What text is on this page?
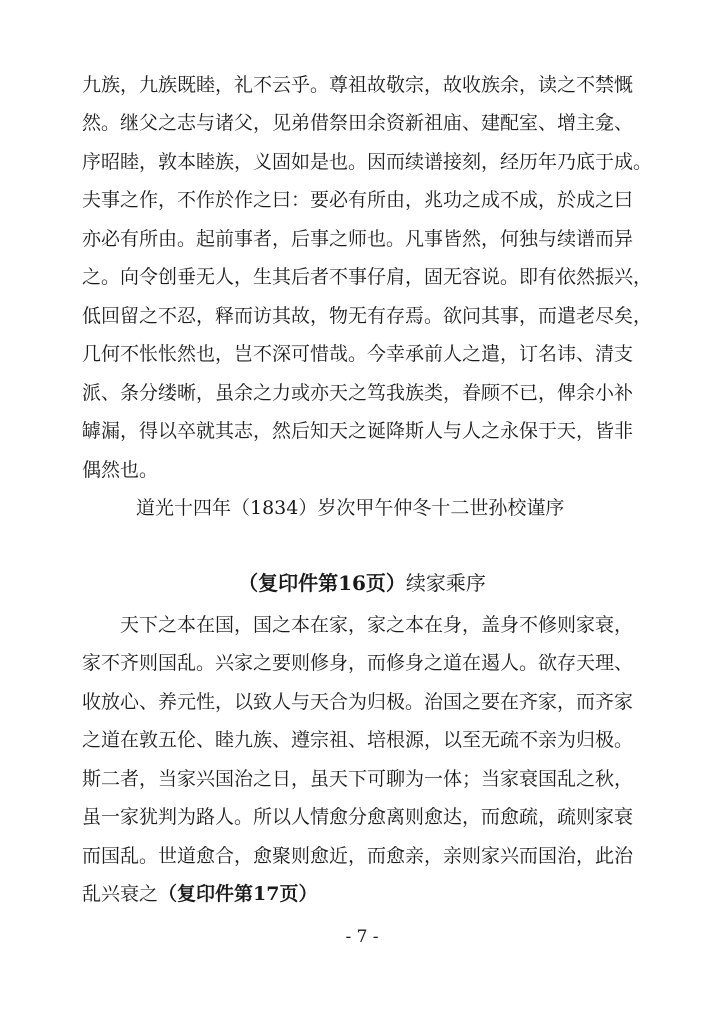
九族，九族既睦，礼不云乎。尊祖故敬宗，故收族余，读之不禁慨
然。继父之志与诸父，见弟借祭田余资新祖庙、建配室、增主龛、
序昭睦，敦本睦族，义固如是也。因而续谱接刻，经历年乃底于成。
夫事之作，不作於作之曰：要必有所由，兆功之成不成，於成之曰
亦必有所由。起前事者，后事之师也。凡事皆然，何独与续谱而异
之。向令创垂无人，生其后者不事仔肩，固无容说。即有依然振兴，
低回留之不忍，释而访其故，物无有存焉。欲问其事，而遣老尽矣，
几何不怅怅然也，岂不深可惜哉。今幸承前人之遣，订名讳、清支
派、条分缕晰，虽余之力或亦天之笃我族类，眷顾不已，俾余小补
罅漏，得以卒就其志，然后知天之诞降斯人与人之永保于天，皆非
偶然也。
道光十四年（1834）岁次甲午仲冬十二世孙校谨序
（复印件第16页）续家乘序
　　天下之本在国，国之本在家，家之本在身，盖身不修则家衰，
家不齐则国乱。兴家之要则修身，而修身之道在遏人。欲存天理、
收放心、养元性，以致人与天合为归极。治国之要在齐家，而齐家
之道在敦五伦、睦九族、遵宗祖、培根源，以至无疏不亲为归极。
斯二者，当家兴国治之日，虽天下可聊为一体；当家衰国乱之秋，
虽一家犹判为路人。所以人情愈分愈离则愈达，而愈疏，疏则家衰
而国乱。世道愈合，愈聚则愈近，而愈亲，亲则家兴而国治，此治
乱兴衰之（复印件第17页）
- 7 -
